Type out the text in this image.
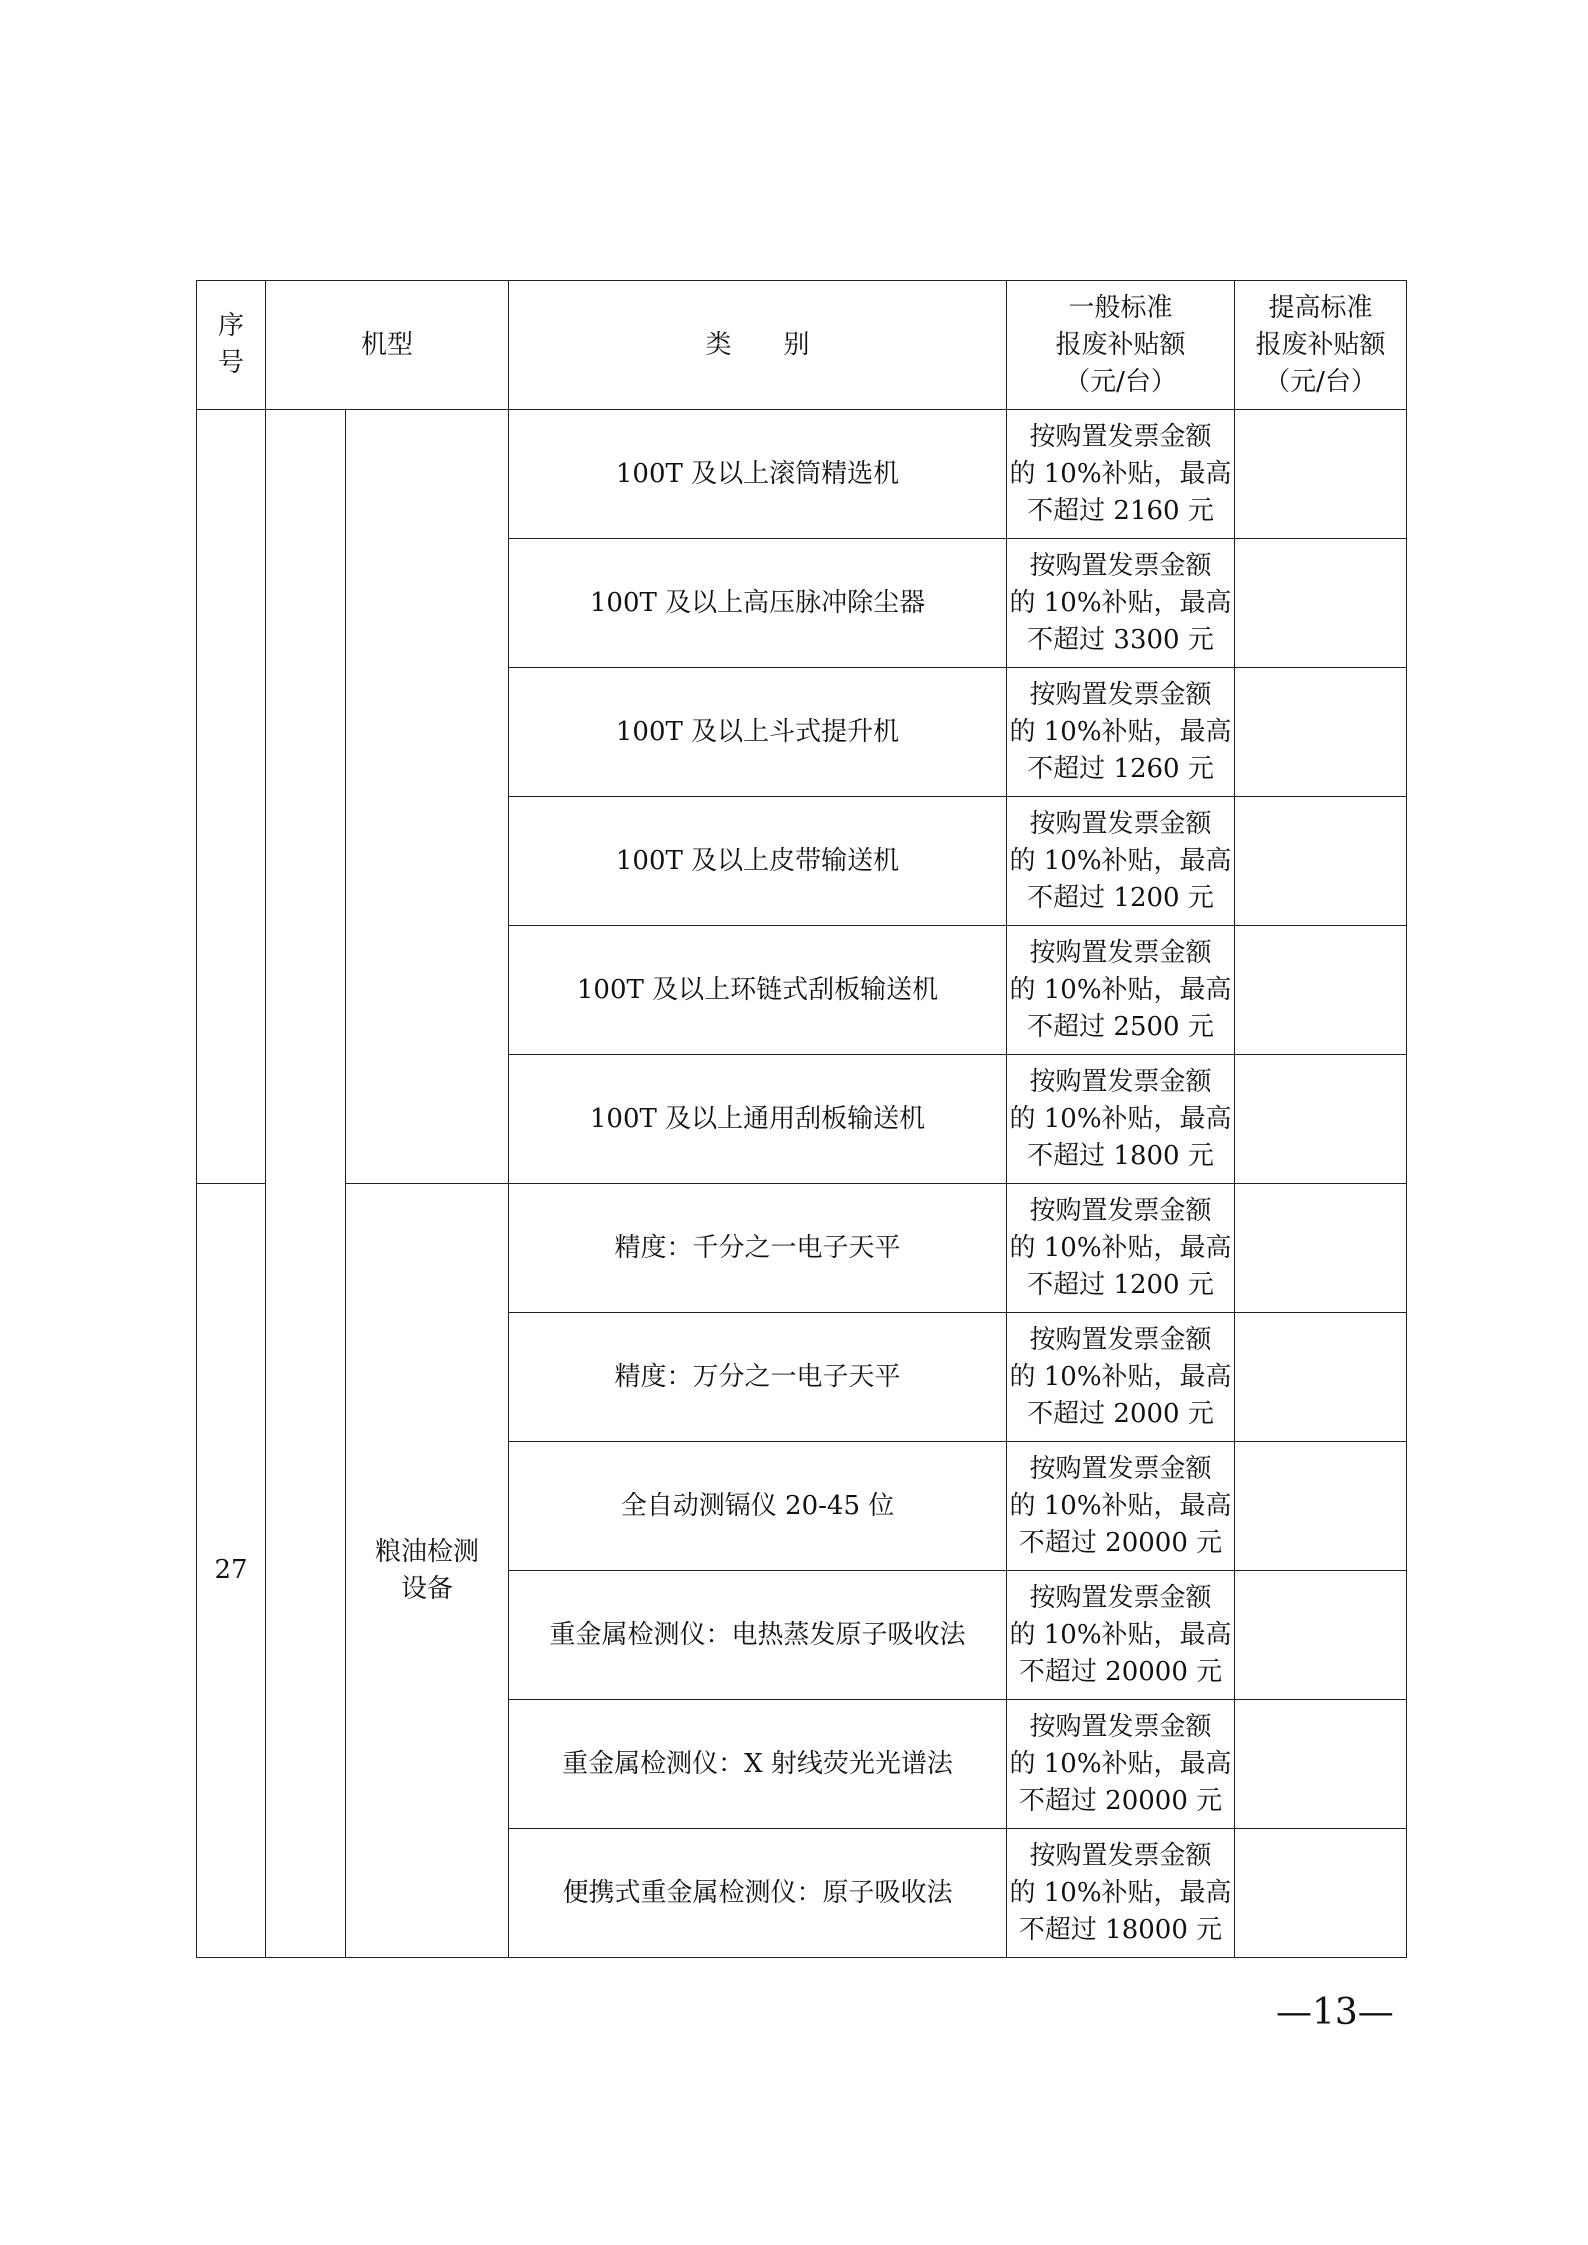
序
号	机型		类　　别	一般标准
报废补贴额
（元/台）	提高标准
报废补贴额
（元/台）

			100T 及以上滚筒精选机	按购置发票金额
的 10%补贴，最高
不超过 2160 元	

			100T 及以上高压脉冲除尘器	按购置发票金额
的 10%补贴，最高
不超过 3300 元	

			100T 及以上斗式提升机	按购置发票金额
的 10%补贴，最高
不超过 1260 元	

			100T 及以上皮带输送机	按购置发票金额
的 10%补贴，最高
不超过 1200 元	

			100T 及以上环链式刮板输送机	按购置发票金额
的 10%补贴，最高
不超过 2500 元	

			100T 及以上通用刮板输送机	按购置发票金额
的 10%补贴，最高
不超过 1800 元	

27		粮油检测
设备	精度：千分之一电子天平	按购置发票金额
的 10%补贴，最高
不超过 1200 元	

			精度：万分之一电子天平	按购置发票金额
的 10%补贴，最高
不超过 2000 元	

			全自动测镉仪 20-45 位	按购置发票金额
的 10%补贴，最高
不超过 20000 元	

			重金属检测仪：电热蒸发原子吸收法	按购置发票金额
的 10%补贴，最高
不超过 20000 元	

			重金属检测仪：X 射线荧光光谱法	按购置发票金额
的 10%补贴，最高
不超过 20000 元	

			便携式重金属检测仪：原子吸收法	按购置发票金额
的 10%补贴，最高
不超过 18000 元	

—13—
